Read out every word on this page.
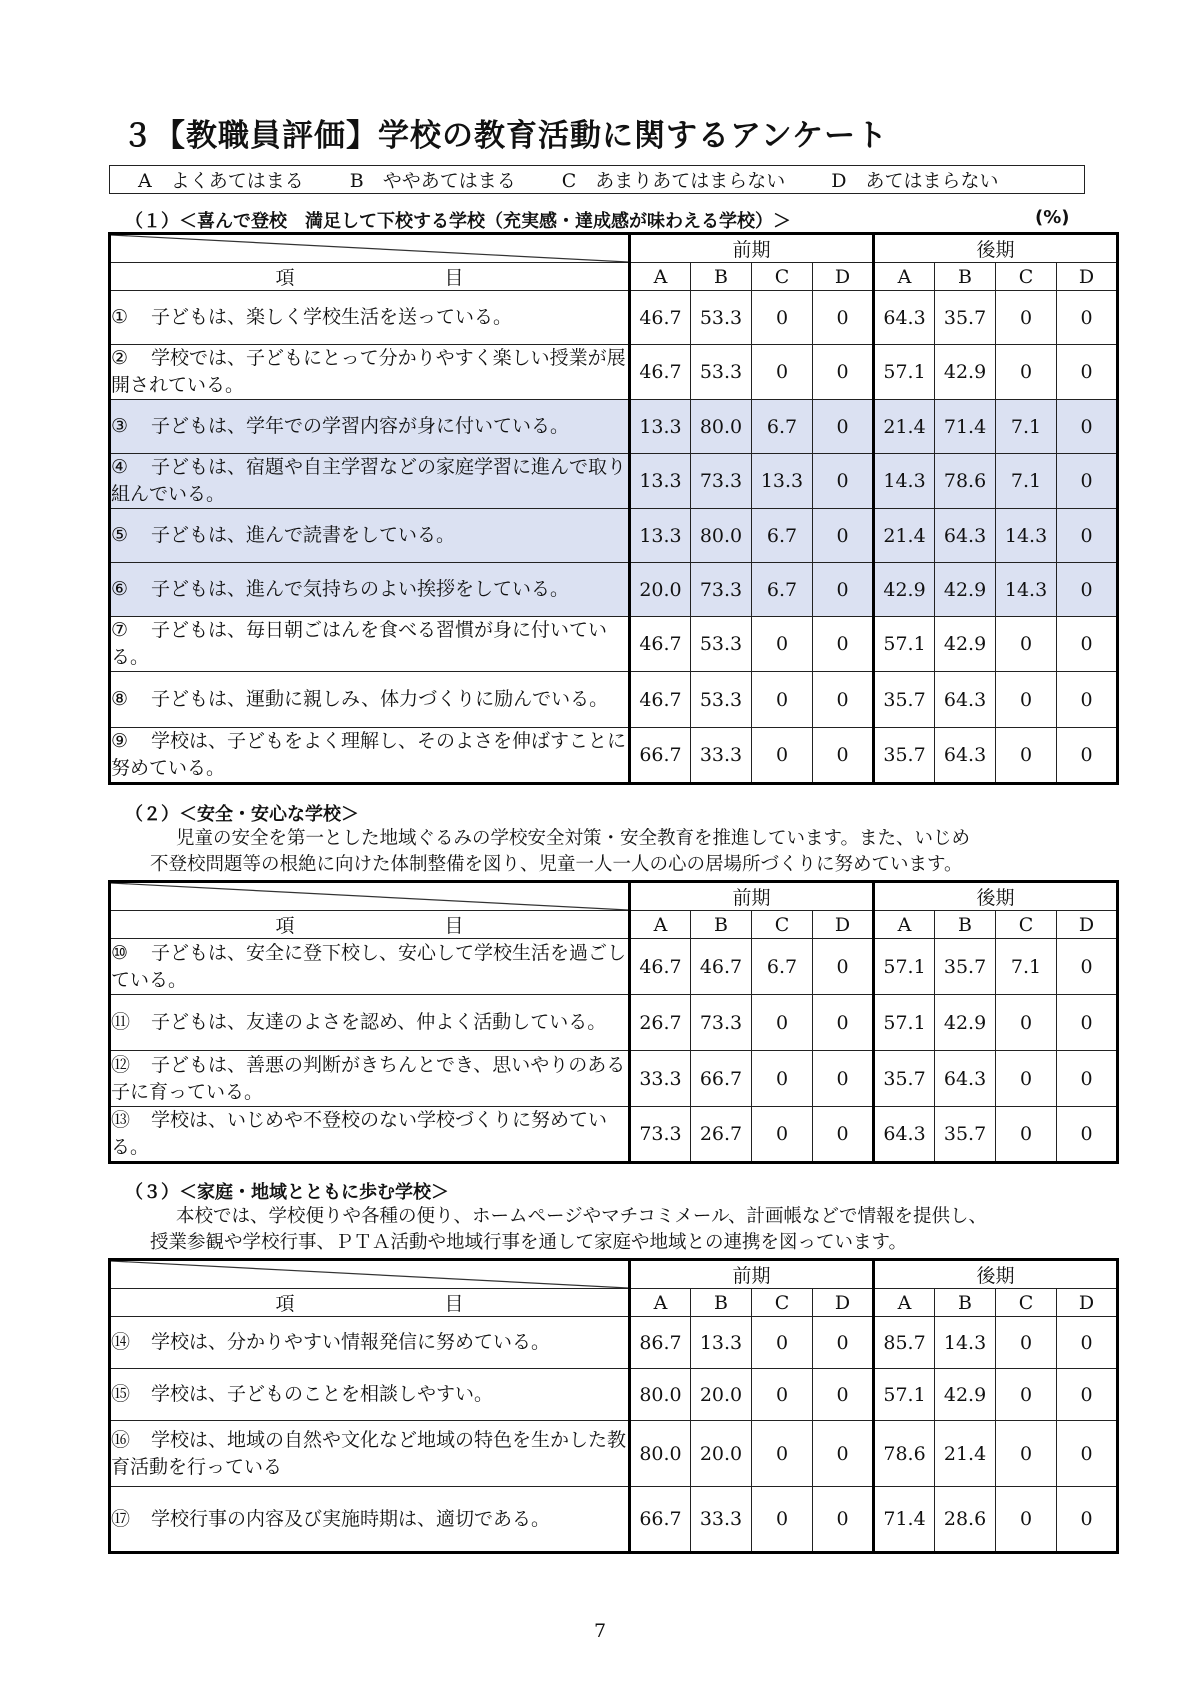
３【教職員評価】学校の教育活動に関するアンケート
A　よくあてはまる B　ややあてはまる C　あまりあてはまらない D　あてはまらない

（１）＜喜んで登校　満足して下校する学校（充実感・達成感が味わえる学校）＞	(%)

	前期				後期			
項 目	A	B	C	D	A	B	C	D
① 子どもは、楽しく学校生活を送っている。	46.7	53.3	0	0	64.3	35.7	0	0
② 学校では、子どもにとって分かりやすく楽しい授業が展開されている。	46.7	53.3	0	0	57.1	42.9	0	0
③ 子どもは、学年での学習内容が身に付いている。	13.3	80.0	6.7	0	21.4	71.4	7.1	0
④ 子どもは、宿題や自主学習などの家庭学習に進んで取り組んでいる。	13.3	73.3	13.3	0	14.3	78.6	7.1	0
⑤ 子どもは、進んで読書をしている。	13.3	80.0	6.7	0	21.4	64.3	14.3	0
⑥ 子どもは、進んで気持ちのよい挨拶をしている。	20.0	73.3	6.7	0	42.9	42.9	14.3	0
⑦ 子どもは、毎日朝ごはんを食べる習慣が身に付いている。	46.7	53.3	0	0	57.1	42.9	0	0
⑧ 子どもは、運動に親しみ、体力づくりに励んでいる。	46.7	53.3	0	0	35.7	64.3	0	0
⑨ 学校は、子どもをよく理解し、そのよさを伸ばすことに努めている。	66.7	33.3	0	0	35.7	64.3	0	0

（２）＜安全・安心な学校＞

児童の安全を第一とした地域ぐるみの学校安全対策・安全教育を推進しています。また、いじめ

不登校問題等の根絶に向けた体制整備を図り、児童一人一人の心の居場所づくりに努めています。

	前期				後期			
項 目	A	B	C	D	A	B	C	D
⑩ 子どもは、安全に登下校し、安心して学校生活を過ごしている。	46.7	46.7	6.7	0	57.1	35.7	7.1	0
⑪ 子どもは、友達のよさを認め、仲よく活動している。	26.7	73.3	0	0	57.1	42.9	0	0
⑫ 子どもは、善悪の判断がきちんとでき、思いやりのある子に育っている。	33.3	66.7	0	0	35.7	64.3	0	0
⑬ 学校は、いじめや不登校のない学校づくりに努めている。	73.3	26.7	0	0	64.3	35.7	0	0

（３）＜家庭・地域とともに歩む学校＞

本校では、学校便りや各種の便り、ホームページやマチコミメール、計画帳などで情報を提供し、

授業参観や学校行事、ＰＴＡ活動や地域行事を通して家庭や地域との連携を図っています。

	前期				後期			
項 目	A	B	C	D	A	B	C	D
⑭ 学校は、分かりやすい情報発信に努めている。	86.7	13.3	0	0	85.7	14.3	0	0
⑮ 学校は、子どものことを相談しやすい。	80.0	20.0	0	0	57.1	42.9	0	0
⑯ 学校は、地域の自然や文化など地域の特色を生かした教育活動を行っている	80.0	20.0	0	0	78.6	21.4	0	0
⑰ 学校行事の内容及び実施時期は、適切である。	66.7	33.3	0	0	71.4	28.6	0	0

7
